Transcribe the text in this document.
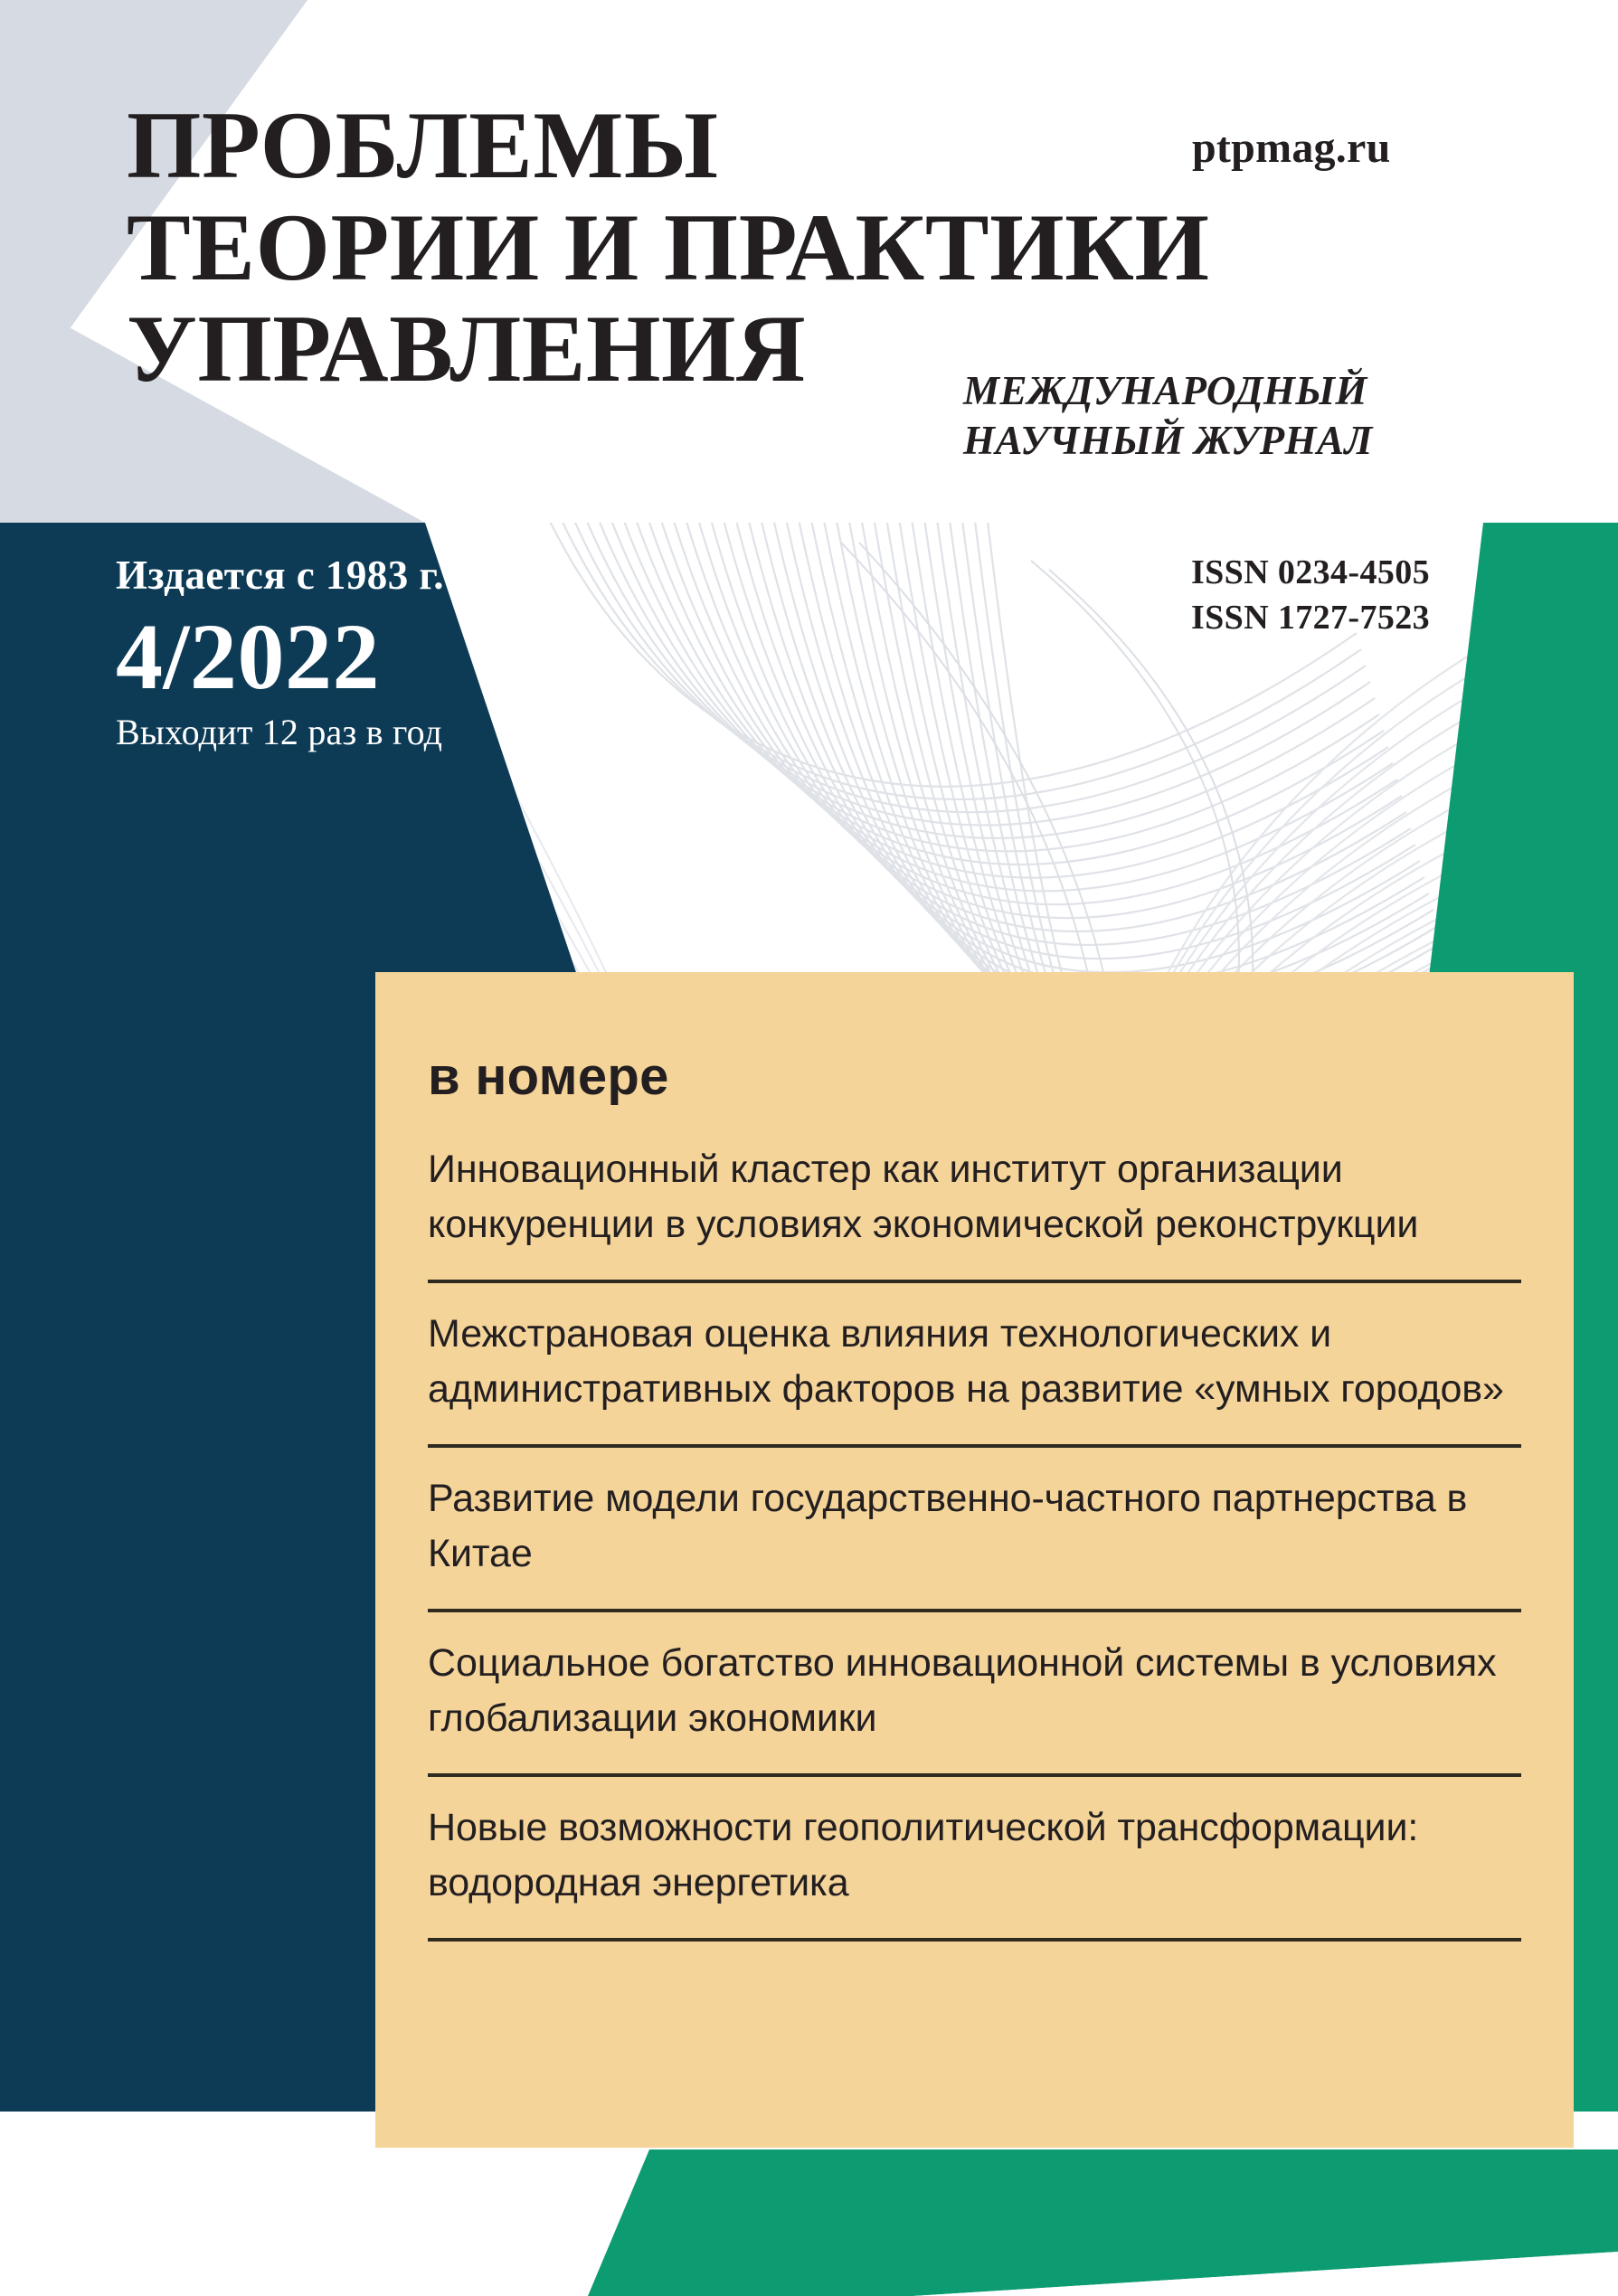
ПРОБЛЕМЫ
ТЕОРИИ И ПРАКТИКИ
УПРАВЛЕНИЯ
ptpmag.ru
МЕЖДУНАРОДНЫЙ
НАУЧНЫЙ ЖУРНАЛ
Издается с 1983 г.
4/2022
Выходит 12 раз в год
ISSN 0234-4505
ISSN 1727-7523
в номере
Инновационный кластер как институт организации конкуренции в условиях экономической реконструкции
Межстрановая оценка влияния технологических и административных факторов на развитие «умных городов»
Развитие модели государственно-частного партнерства в Китае
Социальное богатство инновационной системы в условиях глобализации экономики
Новые возможности геополитической трансформации: водородная энергетика
